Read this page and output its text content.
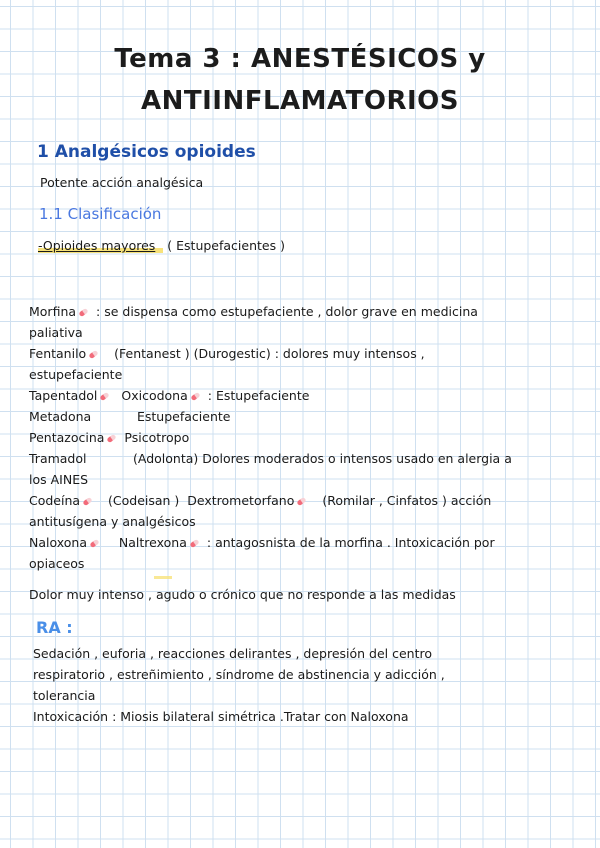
Tema 3 : ANESTÉSICOS y
ANTIINFLAMATORIOS
1 Analgésicos opioides
Potente acción analgésica
1.1 Clasificación
-Opioides mayores ( Estupefacientes )
Morfina : se dispensa como estupefaciente , dolor grave en medicina
paliativa
Fentanilo (Fentanest ) (Durogestic) : dolores muy intensos ,
estupefaciente
Tapentadol Oxicodona : Estupefaciente
Metadona	Estupefaciente
Pentazocina Psicotropo
Tramadol	(Adolonta) Dolores moderados o intensos usado en alergia a
los AINES
Codeína (Codeisan ) Dextrometorfano (Romilar , Cinfatos ) acción
antitusígena y analgésicos
Naloxona	Naltrexona : antagosnista de la morfina . Intoxicación por
opiaceos
Dolor muy intenso , agudo o crónico que no responde a las medidas
RA :
Sedación , euforia , reacciones delirantes , depresión del centro
respiratorio , estreñimiento , síndrome de abstinencia y adicción ,
tolerancia
Intoxicación : Miosis bilateral simétrica .Tratar con Naloxona
